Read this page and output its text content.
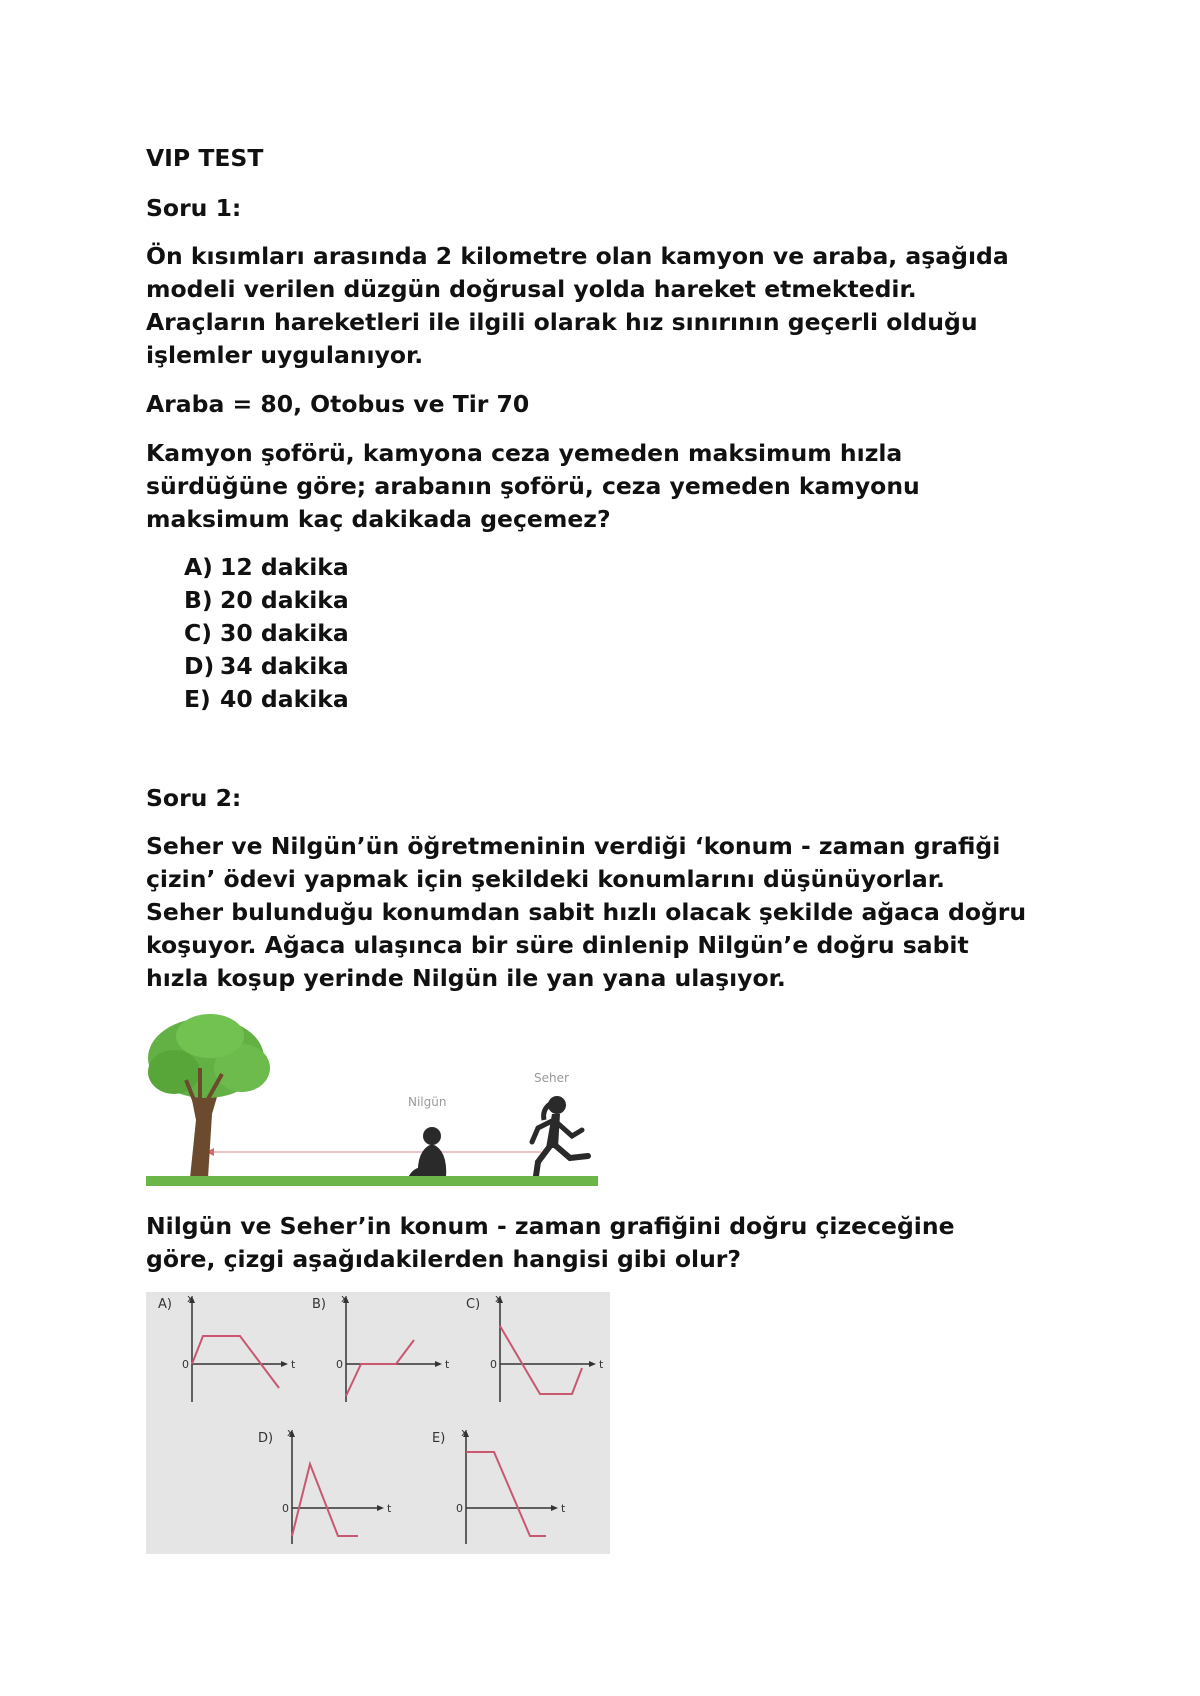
VIP TEST

Soru 1:

Ön kısımları arasında 2 kilometre olan kamyon ve araba, aşağıda

modeli verilen düzgün doğrusal yolda hareket etmektedir.

Araçların hareketleri ile ilgili olarak hız sınırının geçerli olduğu

işlemler uygulanıyor.

Araba = 80, Otobus ve Tir 70

Kamyon şoförü, kamyona ceza yemeden maksimum hızla

sürdüğüne göre; arabanın şoförü, ceza yemeden kamyonu

maksimum kaç dakikada geçemez?

A) 12 dakika
B) 20 dakika
C) 30 dakika
D) 34 dakika
E) 40 dakika

Soru 2:

Seher ve Nilgün’ün öğretmeninin verdiği ‘konum - zaman grafiği

çizin’ ödevi yapmak için şekildeki konumlarını düşünüyorlar.

Seher bulunduğu konumdan sabit hızlı olacak şekilde ağaca doğru

koşuyor. Ağaca ulaşınca bir süre dinlenip Nilgün’e doğru sabit

hızla koşup yerinde Nilgün ile yan yana ulaşıyor.

Nilgün
Seher

Nilgün ve Seher’in konum - zaman grafiğini doğru çizeceğine

göre, çizgi aşağıdakilerden hangisi gibi olur?

A) x
t
0
B) x
t
0
C) x
t
0
D) x
t
0
E) x
t
0
